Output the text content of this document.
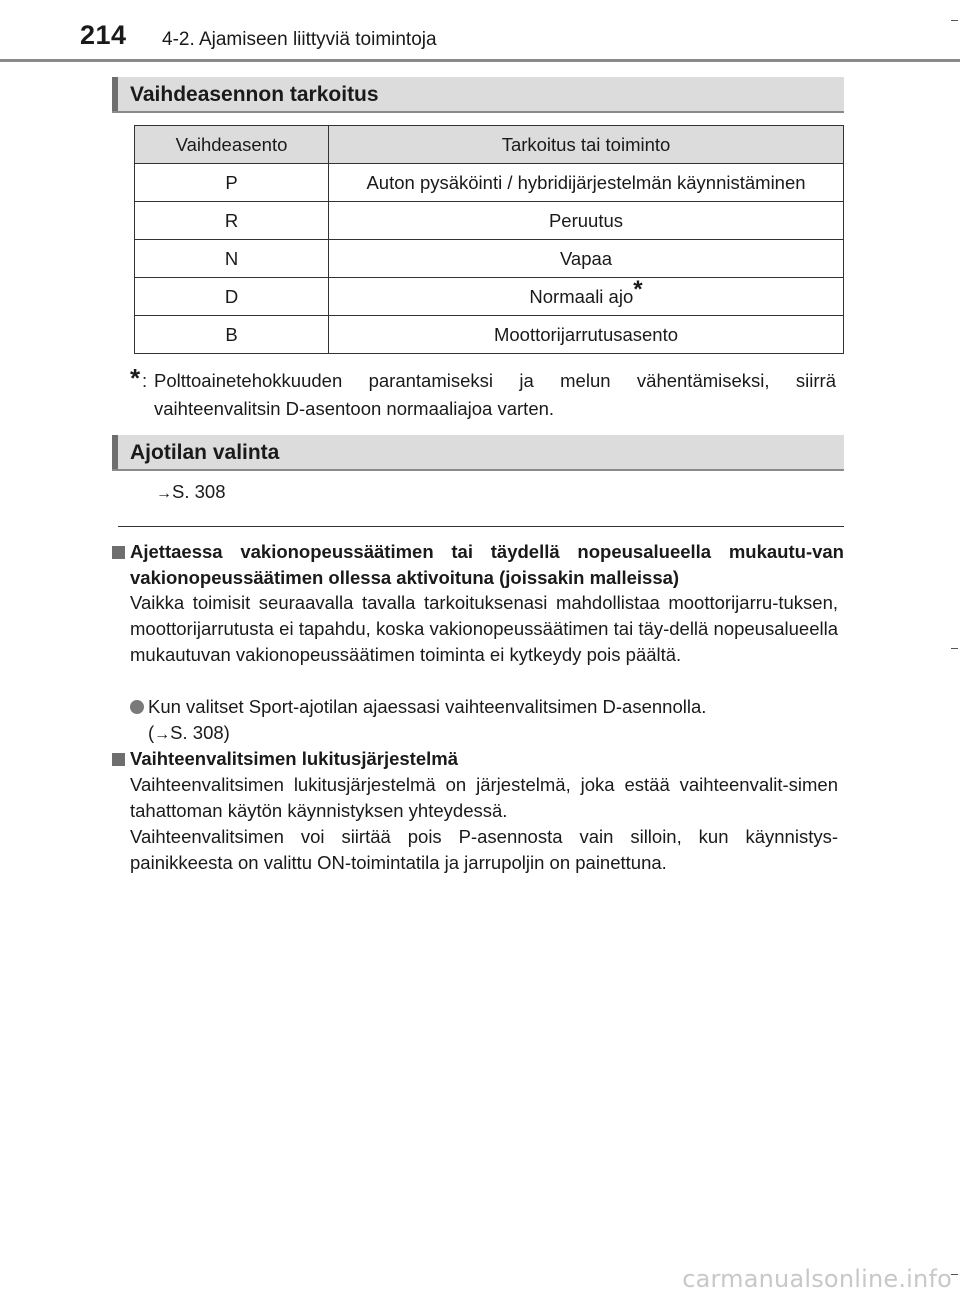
214 4-2. Ajamiseen liittyviä toimintoja
Vaihdeasennon tarkoitus
Vaihdeasento	Tarkoitus tai toiminto
P	Auton pysäköinti / hybridijärjestelmän käynnistäminen
R	Peruutus
N	Vapaa
D	Normaali ajo*
B	Moottorijarrutusasento
* : Polttoainetehokkuuden parantamiseksi ja melun vähentämiseksi, siirrä vaihteenvalitsin D-asentoon normaaliajoa varten.
Ajotilan valinta
→S. 308
Ajettaessa vakionopeussäätimen tai täydellä nopeusalueella mukautu-van vakionopeussäätimen ollessa aktivoituna (joissakin malleissa)
Vaikka toimisit seuraavalla tavalla tarkoituksenasi mahdollistaa moottorijarru-tuksen, moottorijarrutusta ei tapahdu, koska vakionopeussäätimen tai täy-dellä nopeusalueella mukautuvan vakionopeussäätimen toiminta ei kytkeydy pois päältä.
Kun valitset Sport-ajotilan ajaessasi vaihteenvalitsimen D-asennolla.
(→S. 308)
Vaihteenvalitsimen lukitusjärjestelmä
Vaihteenvalitsimen lukitusjärjestelmä on järjestelmä, joka estää vaihteenvalit-simen tahattoman käytön käynnistyksen yhteydessä.
Vaihteenvalitsimen voi siirtää pois P-asennosta vain silloin, kun käynnistys-painikkeesta on valittu ON-toimintatila ja jarrupoljin on painettuna.
carmanualsonline.info
